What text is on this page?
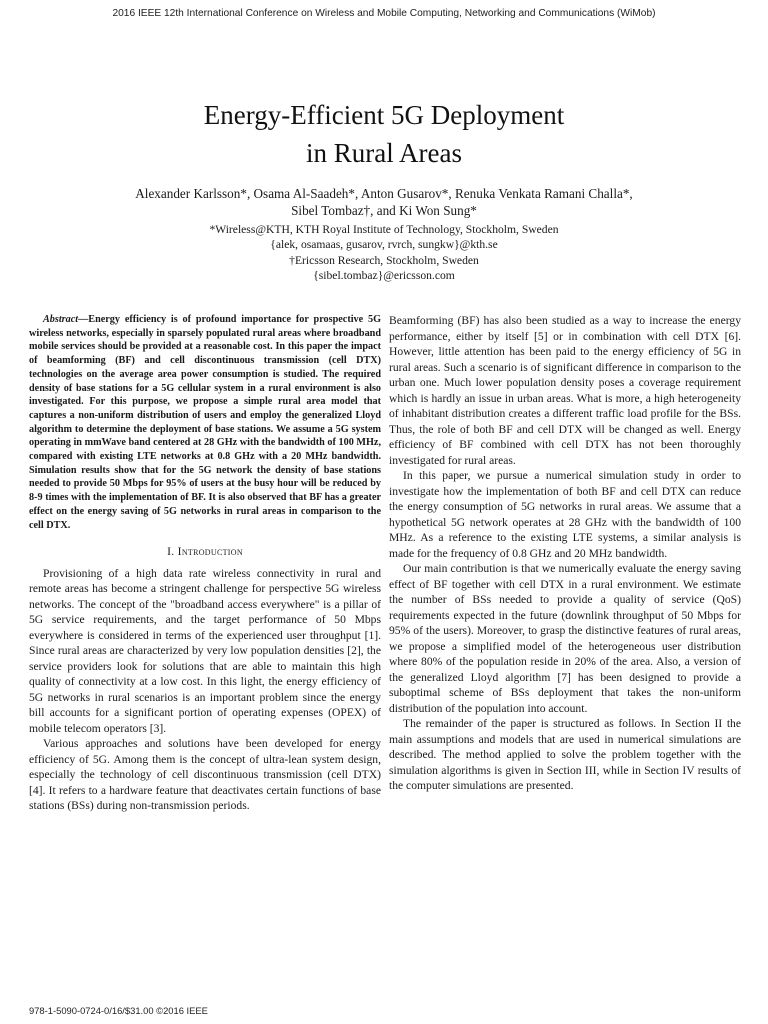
2016 IEEE 12th International Conference on Wireless and Mobile Computing, Networking and Communications (WiMob)
Energy-Efficient 5G Deployment
in Rural Areas
Alexander Karlsson*, Osama Al-Saadeh*, Anton Gusarov*, Renuka Venkata Ramani Challa*,
Sibel Tombaz†, and Ki Won Sung*
*Wireless@KTH, KTH Royal Institute of Technology, Stockholm, Sweden
{alek, osamaas, gusarov, rvrch, sungkw}@kth.se
†Ericsson Research, Stockholm, Sweden
{sibel.tombaz}@ericsson.com

Abstract—Energy efficiency is of profound importance for prospective 5G wireless networks, especially in sparsely populated rural areas where broadband mobile services should be provided at a reasonable cost. In this paper the impact of beamforming (BF) and cell discontinuous transmission (cell DTX) technologies on the average area power consumption is studied. The required density of base stations for a 5G cellular system in a rural environment is also investigated. For this purpose, we propose a simple rural area model that captures a non-uniform distribution of users and employ the generalized Lloyd algorithm to determine the deployment of base stations. We assume a 5G system operating in mmWave band centered at 28 GHz with the bandwidth of 100 MHz, compared with existing LTE networks at 0.8 GHz with a 20 MHz bandwidth. Simulation results show that for the 5G network the density of base stations needed to provide 50 Mbps for 95% of users at the busy hour will be reduced by 8-9 times with the implementation of BF. It is also observed that BF has a greater effect on the energy saving of 5G networks in rural areas in comparison to the cell DTX.

I. Introduction

Provisioning of a high data rate wireless connectivity in rural and remote areas has become a stringent challenge for perspective 5G wireless networks. The concept of the "broadband access everywhere" is a pillar of 5G service requirements, and the target performance of 50 Mbps everywhere is considered in terms of the experienced user throughput [1]. Since rural areas are characterized by very low population densities [2], the service providers look for solutions that are able to maintain this high quality of connectivity at a low cost. In this light, the energy efficiency of 5G networks in rural scenarios is an important problem since the energy bill accounts for a significant portion of operating expenses (OPEX) of mobile telecom operators [3].

Various approaches and solutions have been developed for energy efficiency of 5G. Among them is the concept of ultra-lean system design, especially the technology of cell discontinuous transmission (cell DTX) [4]. It refers to a hardware feature that deactivates certain functions of base stations (BSs) during non-transmission periods.

Beamforming (BF) has also been studied as a way to increase the energy performance, either by itself [5] or in combination with cell DTX [6]. However, little attention has been paid to the energy efficiency of 5G in rural areas. Such a scenario is of significant difference in comparison to the urban one. Much lower population density poses a coverage requirement which is hardly an issue in urban areas. What is more, a high heterogeneity of inhabitant distribution creates a different traffic load profile for the BSs. Thus, the role of both BF and cell DTX will be changed as well. Energy efficiency of BF combined with cell DTX has not been thoroughly investigated for rural areas.

In this paper, we pursue a numerical simulation study in order to investigate how the implementation of both BF and cell DTX can reduce the energy consumption of 5G networks in rural areas. We assume that a hypothetical 5G network operates at 28 GHz with the bandwidth of 100 MHz. As a reference to the existing LTE systems, a similar analysis is made for the frequency of 0.8 GHz and 20 MHz bandwidth.

Our main contribution is that we numerically evaluate the energy saving effect of BF together with cell DTX in a rural environment. We estimate the number of BSs needed to provide a quality of service (QoS) requirements expected in the future (downlink throughput of 50 Mbps for 95% of the users). Moreover, to grasp the distinctive features of rural areas, we propose a simplified model of the heterogeneous user distribution where 80% of the population reside in 20% of the area. Also, a version of the generalized Lloyd algorithm [7] has been designed to provide a suboptimal scheme of BSs deployment that takes the non-uniform distribution of the population into account.

The remainder of the paper is structured as follows. In Section II the main assumptions and models that are used in numerical simulations are described. The method applied to solve the problem together with the simulation algorithms is given in Section III, while in Section IV results of the computer simulations are presented.

978-1-5090-0724-0/16/$31.00 ©2016 IEEE
